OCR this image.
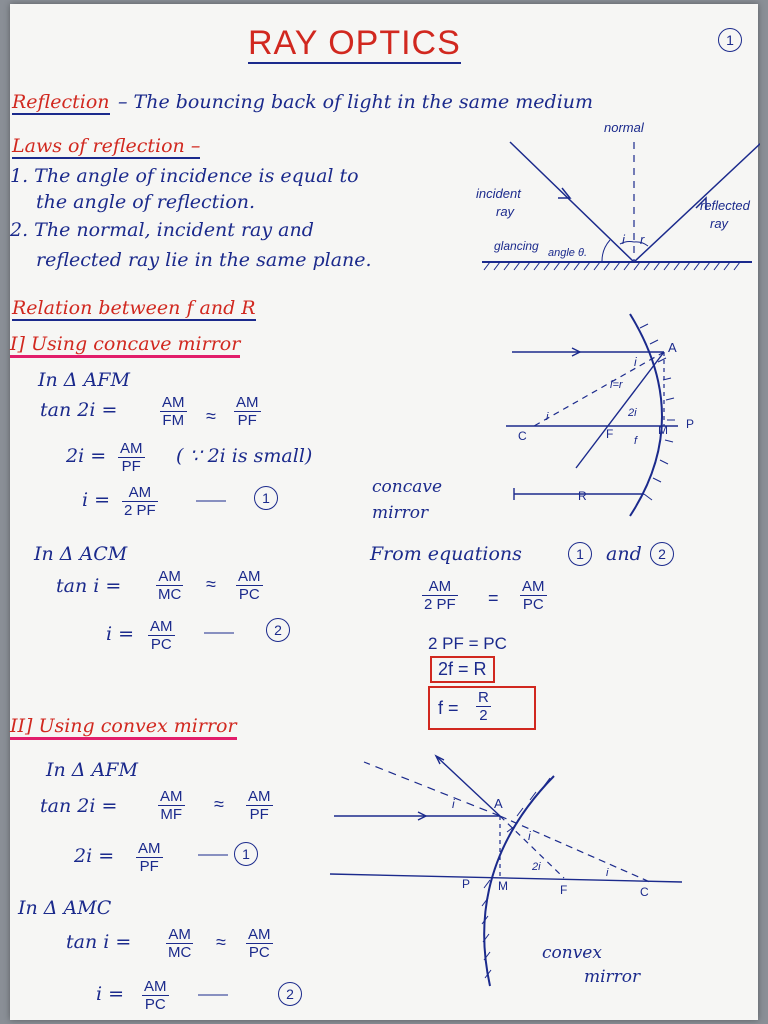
RAY OPTICS	1
Reflection – The bouncing back of light in the same medium
Laws of reflection –
1. The angle of incidence is equal to
the angle of reflection.
2. The normal, incident ray and
reflected ray lie in the same plane.
normal
incident
ray	reflected
ray
glancing angle θ.
i r
Relation between f and R
I] Using concave mirror
In Δ AFM
tan 2i =	$\frac{AM}{FM} \approx \frac{AM}{PF}$
$2i = \frac{AM}{PF}$ ( ∵ 2i is small)
$i = \frac{AM}{2 PF}$	——	1
In Δ ACM
$\tan i = \frac{AM}{MC} \approx \frac{AM}{PC}$
$i = \frac{AM}{PC}$ ——	2
From equations	1	and	2
$\frac{AM}{2 PF} = \frac{AM}{PC}$
2 PF = PC
2f = R
$f = \frac{R}{2}$
A
C	F
P
M
R
i
i=r
i	2i
f
concave
mirror
II] Using convex mirror
In Δ AFM
tan 2i =	$\frac{AM}{MF} \approx \frac{AM}{PF}$
$2i = \frac{AM}{PF}$ ——	1
In Δ AMC
$\tan i = \frac{AM}{MC} \approx \frac{AM}{PC}$
$i = \frac{AM}{PC}$ ——	2
A
P M	F	C
i
i
2i	i
convex
mirror
